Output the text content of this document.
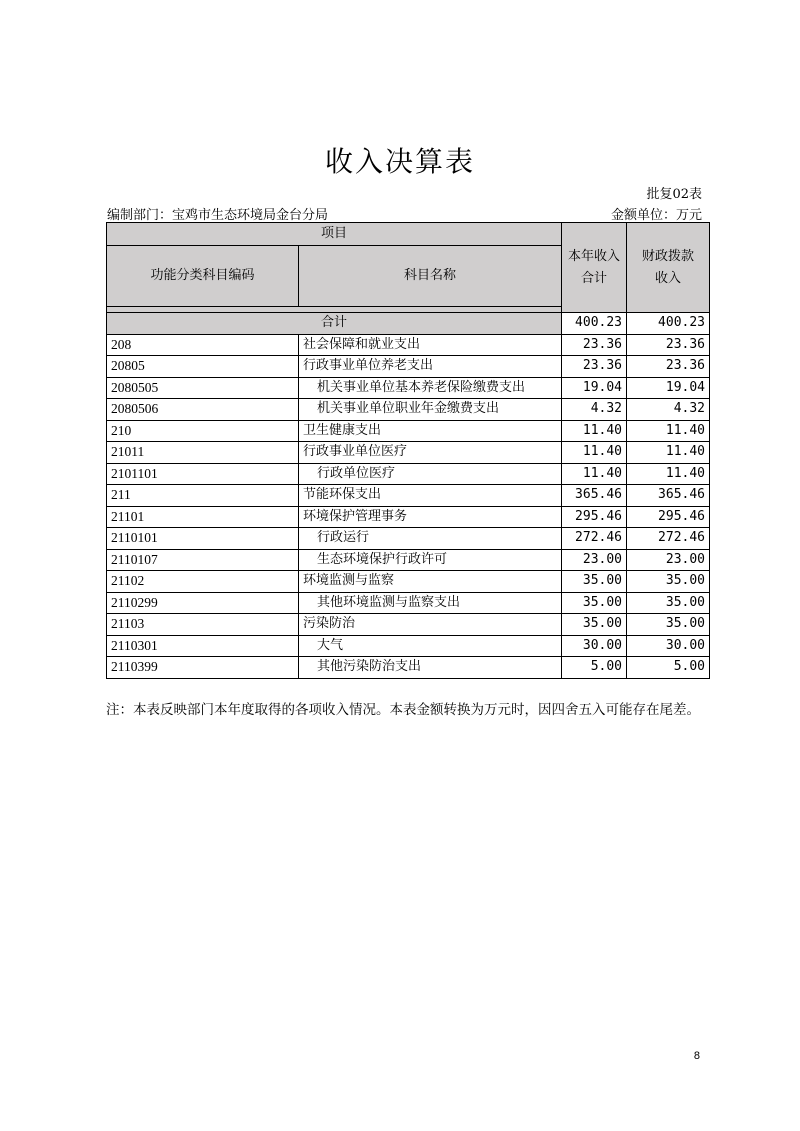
收入决算表
批复02表
编制部门：宝鸡市生态环境局金台分局	金额单位：万元
项目		本年收入合计	财政拨款收入
功能分类科目编码	科目名称		

合计		400.23	400.23
208	社会保障和就业支出	23.36	23.36
20805	行政事业单位养老支出	23.36	23.36
2080505	机关事业单位基本养老保险缴费支出	19.04	19.04
2080506	机关事业单位职业年金缴费支出	4.32	4.32
210	卫生健康支出	11.40	11.40
21011	行政事业单位医疗	11.40	11.40
2101101	行政单位医疗	11.40	11.40
211	节能环保支出	365.46	365.46
21101	环境保护管理事务	295.46	295.46
2110101	行政运行	272.46	272.46
2110107	生态环境保护行政许可	23.00	23.00
21102	环境监测与监察	35.00	35.00
2110299	其他环境监测与监察支出	35.00	35.00
21103	污染防治	35.00	35.00
2110301	大气	30.00	30.00
2110399	其他污染防治支出	5.00	5.00
注：本表反映部门本年度取得的各项收入情况。本表金额转换为万元时，因四舍五入可能存在尾差。
8
